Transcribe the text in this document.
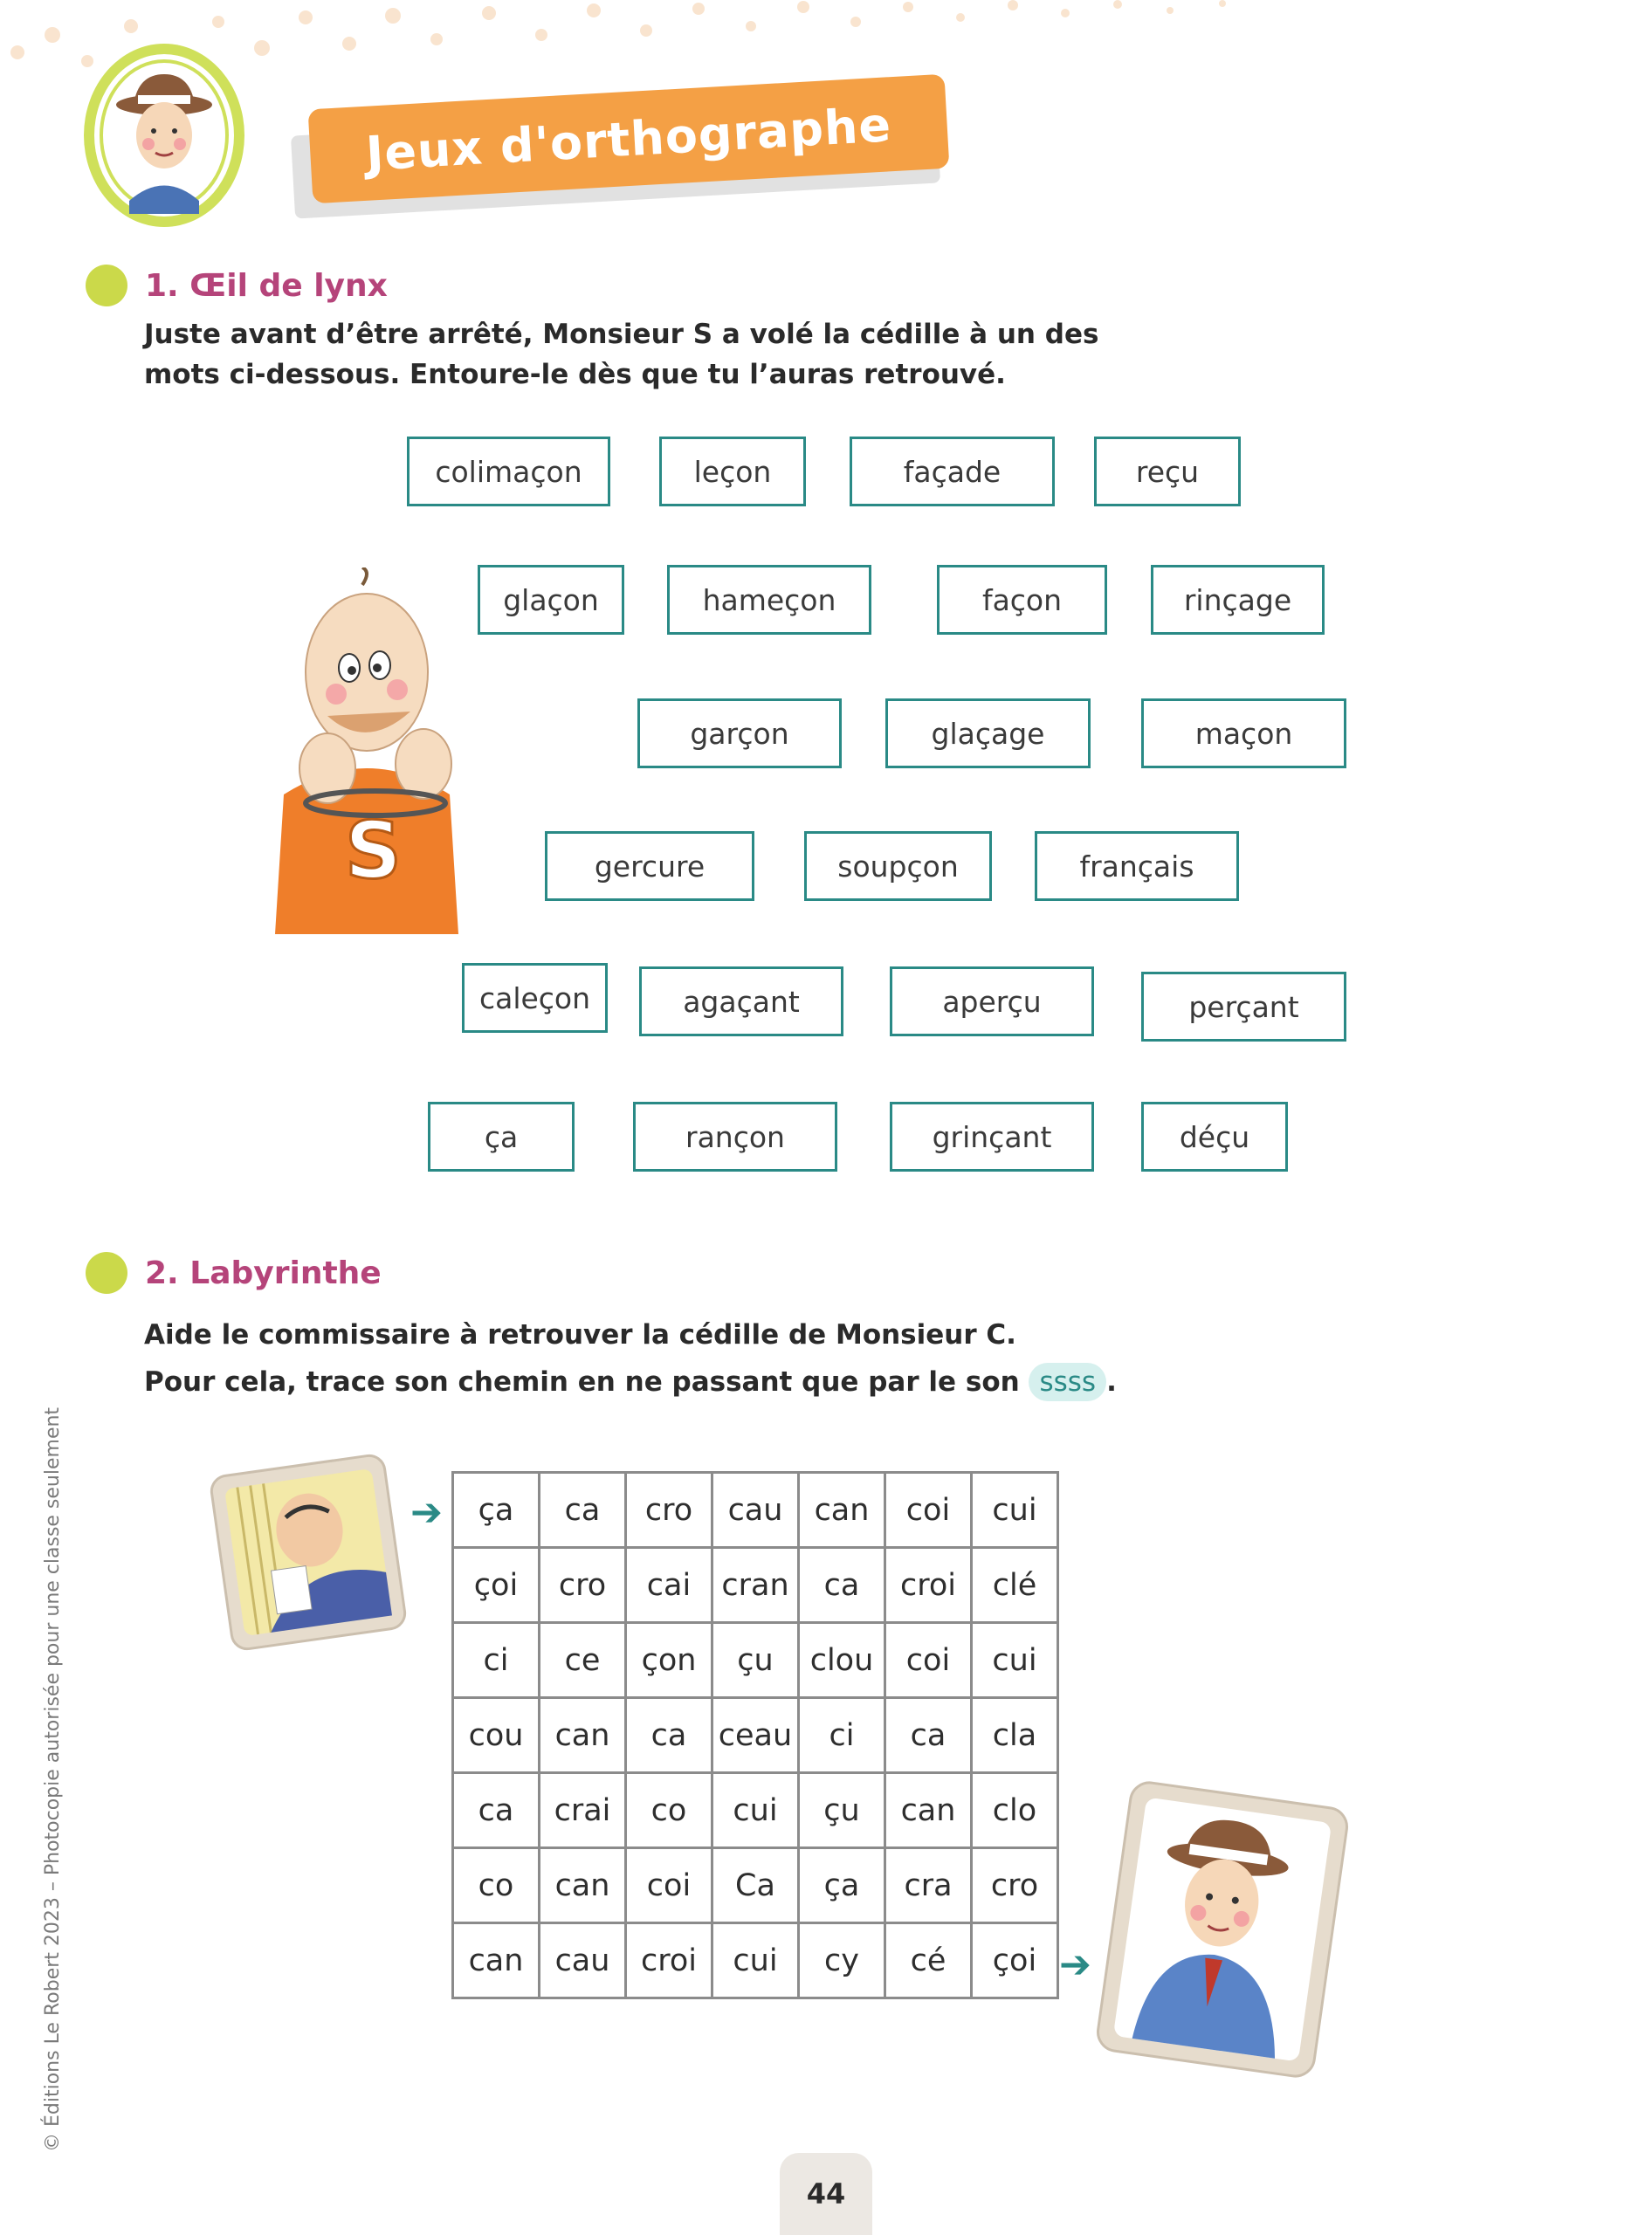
Jeux d'orthographe
1. Œil de lynx
Juste avant d’être arrêté, Monsieur S a volé la cédille à un des
mots ci-dessous. Entoure-le dès que tu l’auras retrouvé.
colimaçon	leçon	façade	reçu
glaçon	hameçon	façon	rinçage
garçon	glaçage	maçon
gercure	soupçon	français
caleçon	agaçant	aperçu	perçant
ça	rançon	grinçant	déçu
S
2. Labyrinthe
Aide le commissaire à retrouver la cédille de Monsieur C.
Pour cela, trace son chemin en ne passant que par le son ssss .
➔ ça	ca	cro	cau	can	coi	cui
çoi	cro	cai	cran	ca	croi	clé
ci	ce	çon	çu	clou	coi	cui
cou	can	ca	ceau	ci	ca	cla
ca	crai	co	cui	çu	can	clo
co	can	coi	Ca	ça	cra	cro
can	cau	croi	cui	cy	cé	çoi ➔
© Éditions Le Robert 2023 – Photocopie autorisée pour une classe seulement
44
